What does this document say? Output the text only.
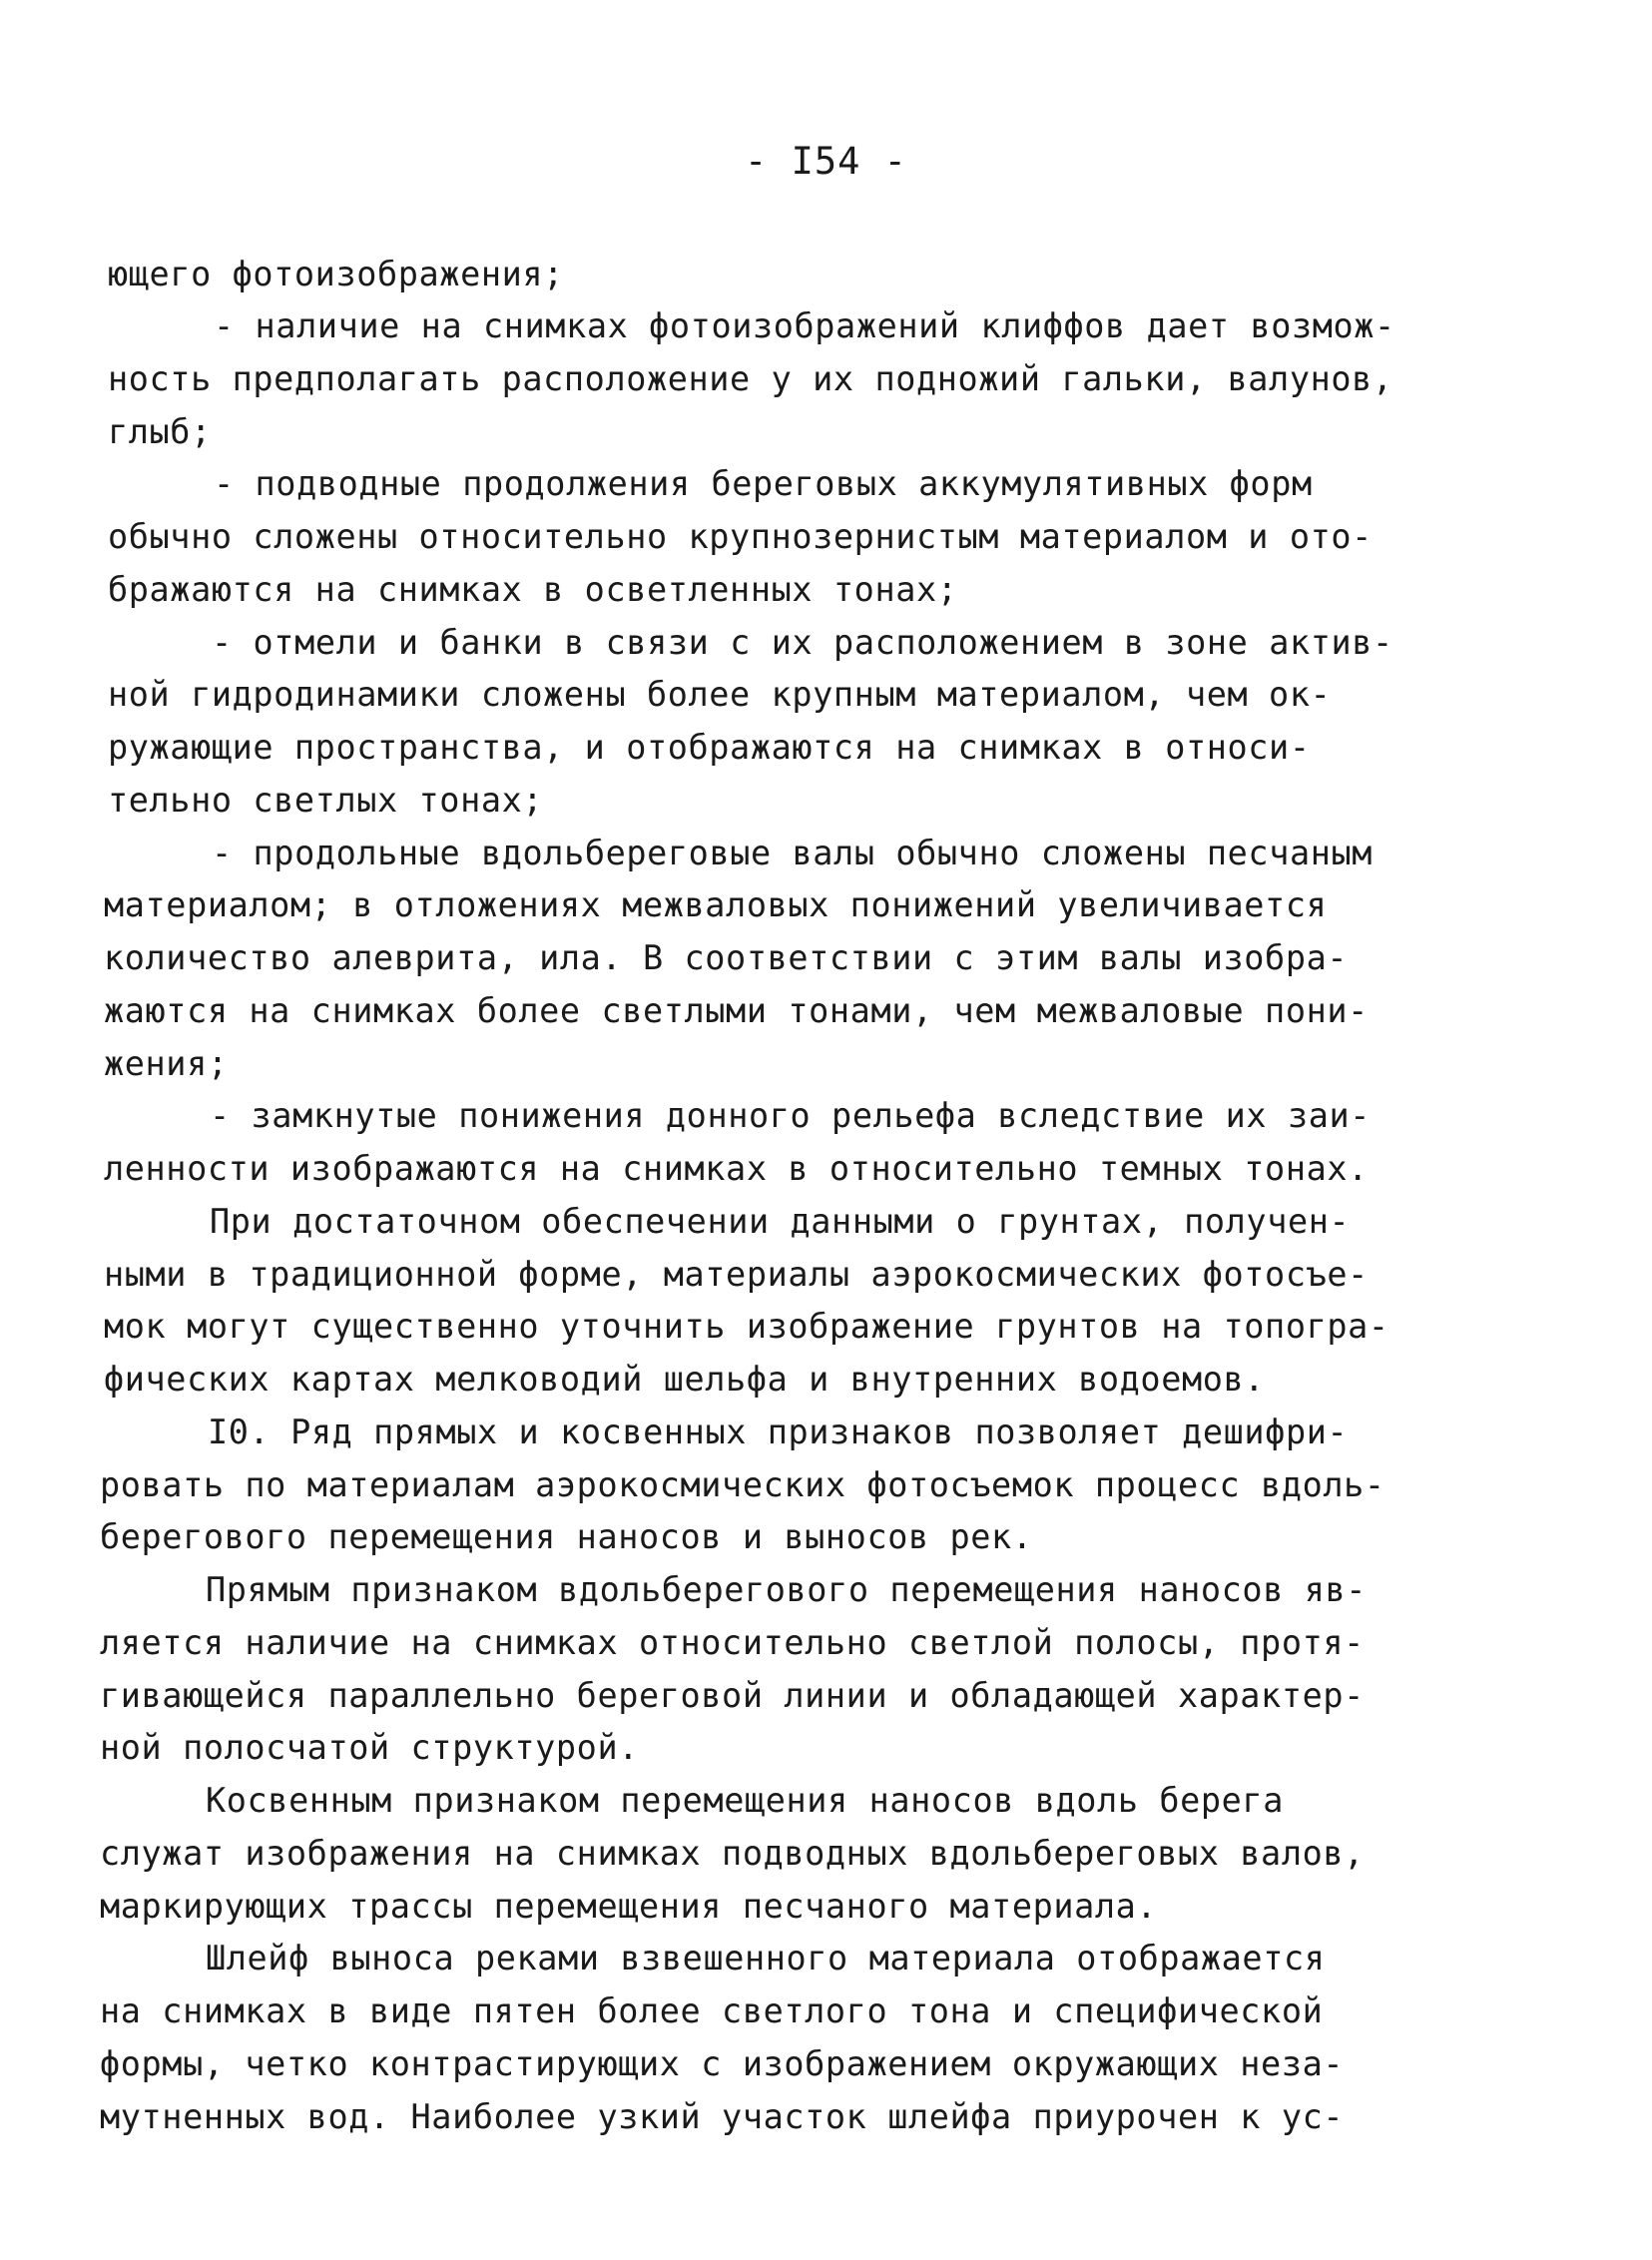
- I54 -
ющего фотоизображения;
- наличие на снимках фотоизображений клиффов дает возмож-
ность предполагать расположение у их подножий гальки, валунов,
глыб;
- подводные продолжения береговых аккумулятивных форм
обычно сложены относительно крупнозернистым материалом и ото-
бражаются на снимках в осветленных тонах;
- отмели и банки в связи с их расположением в зоне актив-
ной гидродинамики сложены более крупным материалом, чем ок-
ружающие пространства, и отображаются на снимках в относи-
тельно светлых тонах;
- продольные вдольбереговые валы обычно сложены песчаным
материалом; в отложениях межваловых понижений увеличивается
количество алеврита, ила. В соответствии с этим валы изобра-
жаются на снимках более светлыми тонами, чем межваловые пони-
жения;
- замкнутые понижения донного рельефа вследствие их заи-
ленности изображаются на снимках в относительно темных тонах.
При достаточном обеспечении данными о грунтах, получен-
ными в традиционной форме, материалы аэрокосмических фотосъе-
мок могут существенно уточнить изображение грунтов на топогра-
фических картах мелководий шельфа и внутренних водоемов.
I0. Ряд прямых и косвенных признаков позволяет дешифри-
ровать по материалам аэрокосмических фотосъемок процесс вдоль-
берегового перемещения наносов и выносов рек.
Прямым признаком вдольберегового перемещения наносов яв-
ляется наличие на снимках относительно светлой полосы, протя-
гивающейся параллельно береговой линии и обладающей характер-
ной полосчатой структурой.
Косвенным признаком перемещения наносов вдоль берега
служат изображения на снимках подводных вдольбереговых валов,
маркирующих трассы перемещения песчаного материала.
Шлейф выноса реками взвешенного материала отображается
на снимках в виде пятен более светлого тона и специфической
формы, четко контрастирующих с изображением окружающих неза-
мутненных вод. Наиболее узкий участок шлейфа приурочен к ус-
